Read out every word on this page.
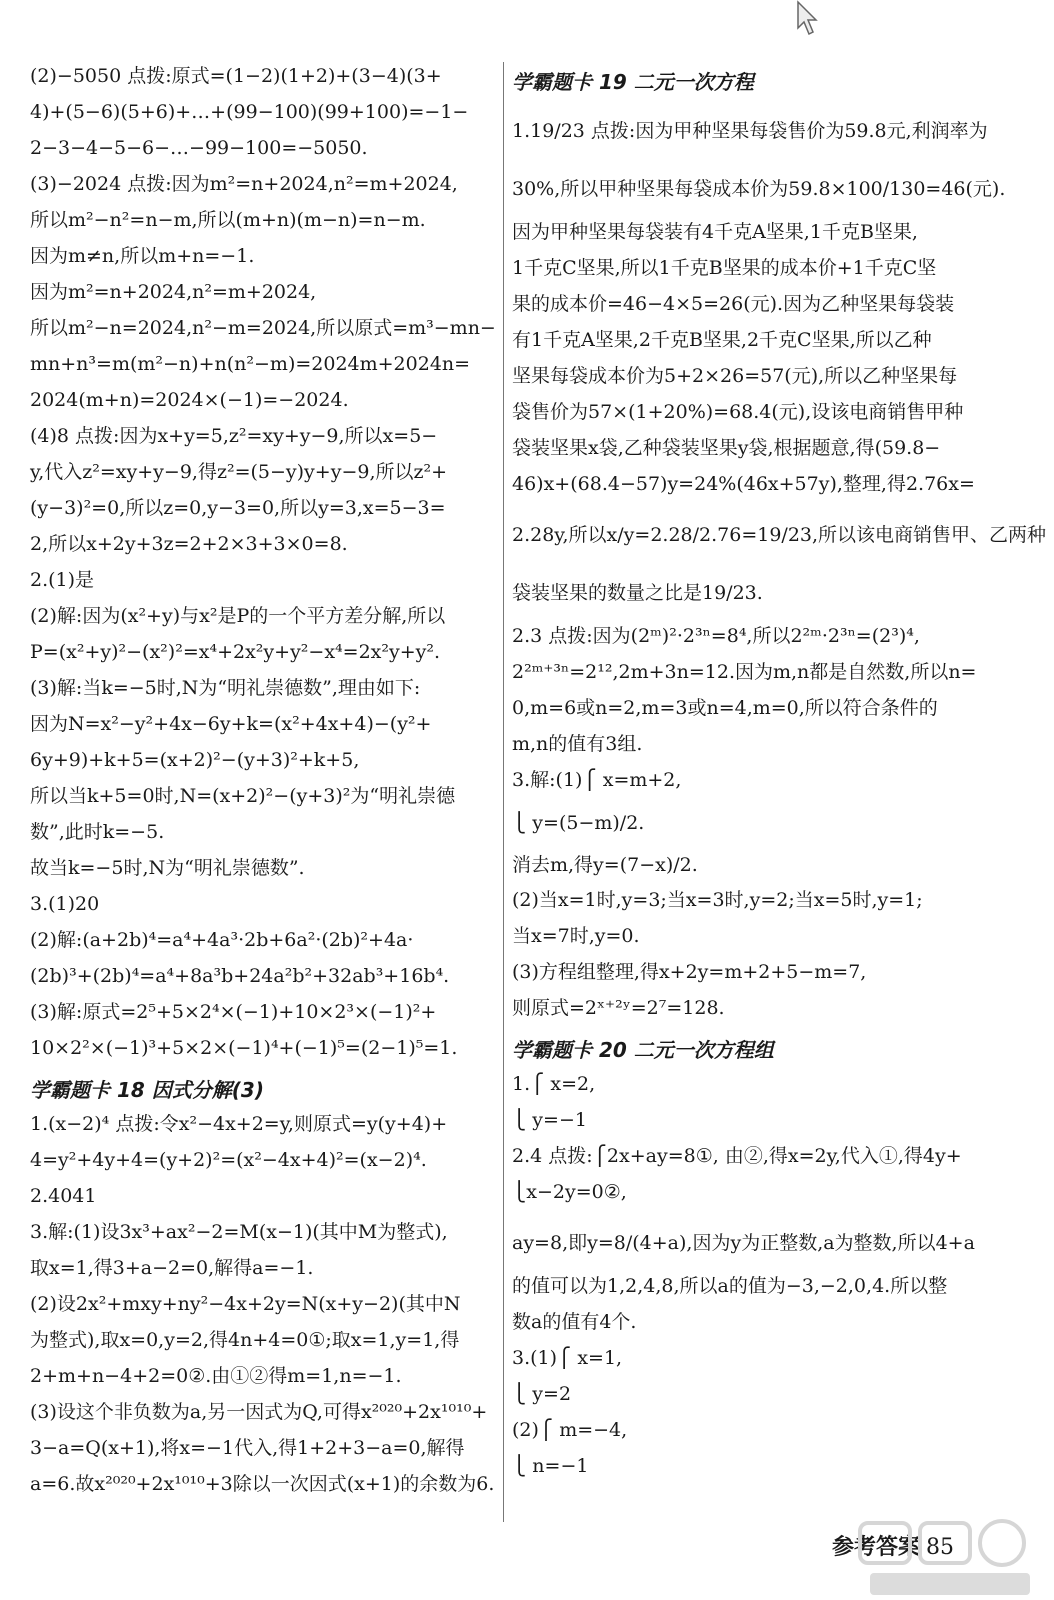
(2)−5050 点拨:原式=(1−2)(1+2)+(3−4)(3+
4)+(5−6)(5+6)+…+(99−100)(99+100)=−1−
2−3−4−5−6−…−99−100=−5050.
(3)−2024 点拨:因为m²=n+2024,n²=m+2024,
所以m²−n²=n−m,所以(m+n)(m−n)=n−m.
因为m≠n,所以m+n=−1.
因为m²=n+2024,n²=m+2024,
所以m²−n=2024,n²−m=2024,所以原式=m³−mn−
mn+n³=m(m²−n)+n(n²−m)=2024m+2024n=
2024(m+n)=2024×(−1)=−2024.
(4)8 点拨:因为x+y=5,z²=xy+y−9,所以x=5−
y,代入z²=xy+y−9,得z²=(5−y)y+y−9,所以z²+
(y−3)²=0,所以z=0,y−3=0,所以y=3,x=5−3=
2,所以x+2y+3z=2+2×3+3×0=8.
2.(1)是
(2)解:因为(x²+y)与x²是P的一个平方差分解,所以
P=(x²+y)²−(x²)²=x⁴+2x²y+y²−x⁴=2x²y+y².
(3)解:当k=−5时,N为“明礼崇德数”,理由如下:
因为N=x²−y²+4x−6y+k=(x²+4x+4)−(y²+
6y+9)+k+5=(x+2)²−(y+3)²+k+5,
所以当k+5=0时,N=(x+2)²−(y+3)²为“明礼崇德
数”,此时k=−5.
故当k=−5时,N为“明礼崇德数”.
3.(1)20
(2)解:(a+2b)⁴=a⁴+4a³·2b+6a²·(2b)²+4a·
(2b)³+(2b)⁴=a⁴+8a³b+24a²b²+32ab³+16b⁴.
(3)解:原式=2⁵+5×2⁴×(−1)+10×2³×(−1)²+
10×2²×(−1)³+5×2×(−1)⁴+(−1)⁵=(2−1)⁵=1.
学霸题卡 18 因式分解(3)
1.(x−2)⁴ 点拨:令x²−4x+2=y,则原式=y(y+4)+
4=y²+4y+4=(y+2)²=(x²−4x+4)²=(x−2)⁴.
2.4041
3.解:(1)设3x³+ax²−2=M(x−1)(其中M为整式),
取x=1,得3+a−2=0,解得a=−1.
(2)设2x²+mxy+ny²−4x+2y=N(x+y−2)(其中N
为整式),取x=0,y=2,得4n+4=0①;取x=1,y=1,得
2+m+n−4+2=0②.由①②得m=1,n=−1.
(3)设这个非负数为a,另一因式为Q,可得x²⁰²⁰+2x¹⁰¹⁰+
3−a=Q(x+1),将x=−1代入,得1+2+3−a=0,解得
a=6.故x²⁰²⁰+2x¹⁰¹⁰+3除以一次因式(x+1)的余数为6.
学霸题卡 19 二元一次方程
1.19/23 点拨:因为甲种坚果每袋售价为59.8元,利润率为
30%,所以甲种坚果每袋成本价为59.8×100/130=46(元).
因为甲种坚果每袋装有4千克A坚果,1千克B坚果,
1千克C坚果,所以1千克B坚果的成本价+1千克C坚
果的成本价=46−4×5=26(元).因为乙种坚果每袋装
有1千克A坚果,2千克B坚果,2千克C坚果,所以乙种
坚果每袋成本价为5+2×26=57(元),所以乙种坚果每
袋售价为57×(1+20%)=68.4(元),设该电商销售甲种
袋装坚果x袋,乙种袋装坚果y袋,根据题意,得(59.8−
46)x+(68.4−57)y=24%(46x+57y),整理,得2.76x=
2.28y,所以x/y=2.28/2.76=19/23,所以该电商销售甲、乙两种
袋装坚果的数量之比是19/23.
2.3 点拨:因为(2ᵐ)²·2³ⁿ=8⁴,所以2²ᵐ·2³ⁿ=(2³)⁴,
2²ᵐ⁺³ⁿ=2¹²,2m+3n=12.因为m,n都是自然数,所以n=
0,m=6或n=2,m=3或n=4,m=0,所以符合条件的
m,n的值有3组.
3.解:(1)⎧ x=m+2,
⎩ y=(5−m)/2.
消去m,得y=(7−x)/2.
(2)当x=1时,y=3;当x=3时,y=2;当x=5时,y=1;
当x=7时,y=0.
(3)方程组整理,得x+2y=m+2+5−m=7,
则原式=2ˣ⁺²ʸ=2⁷=128.
学霸题卡 20 二元一次方程组
1.⎧ x=2,
⎩ y=−1
2.4 点拨:⎧2x+ay=8①, 由②,得x=2y,代入①,得4y+
⎩x−2y=0②,
ay=8,即y=8/(4+a),因为y为正整数,a为整数,所以4+a
的值可以为1,2,4,8,所以a的值为−3,−2,0,4.所以整
数a的值有4个.
3.(1)⎧ x=1,
⎩ y=2
(2)⎧ m=−4,
⎩ n=−1
参考答案 85
